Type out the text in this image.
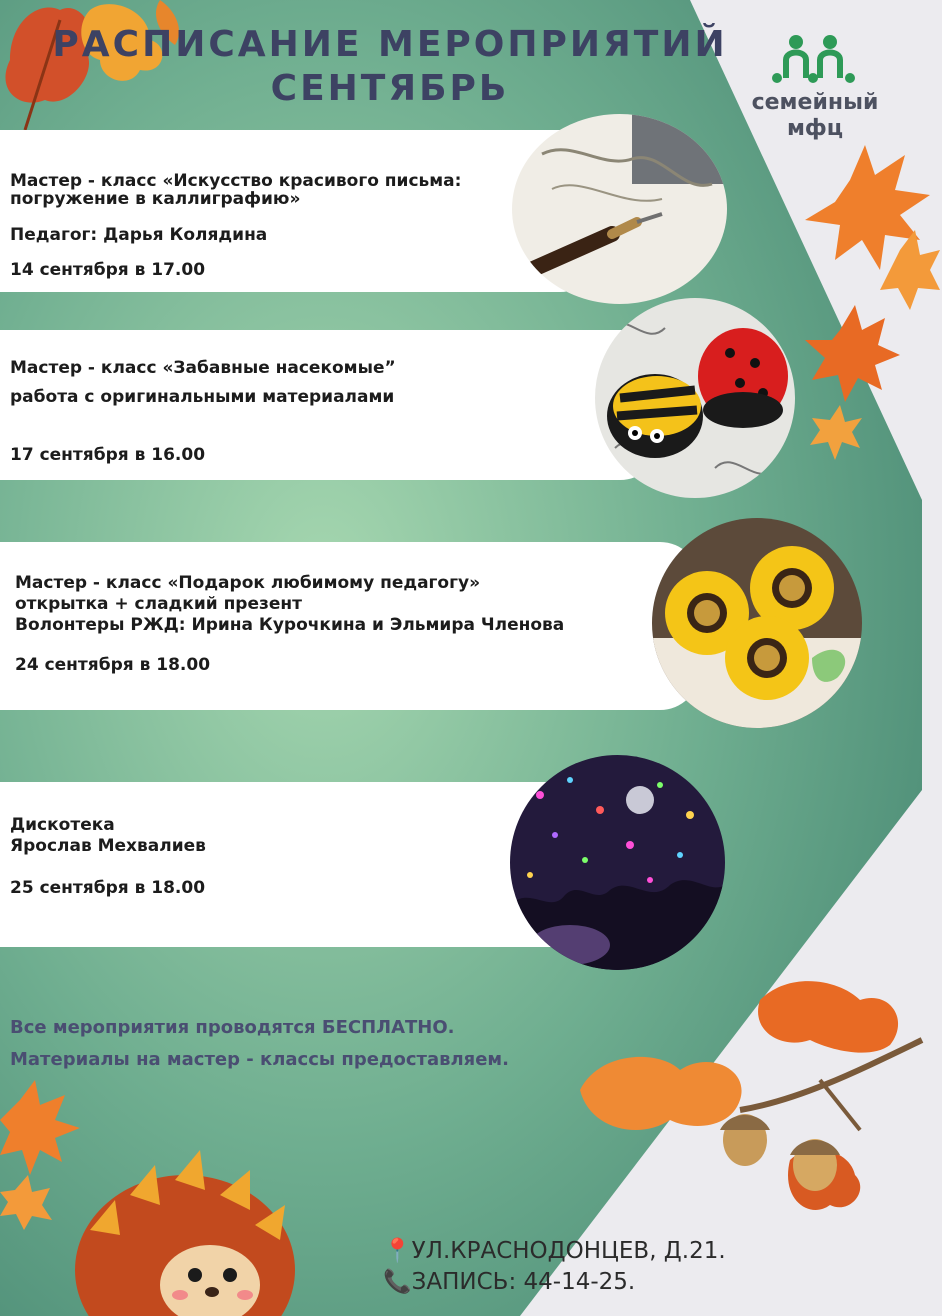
РАСПИСАНИЕ МЕРОПРИЯТИЙ
СЕНТЯБРЬ	семейный
мфц
Мастер - класс «Искусство красивого письма:
погружение в каллиграфию»
Педагог: Дарья Колядина
14 сентября в 17.00
Мастер - класс «Забавные насекомые”
работа с оригинальными материалами
17 сентября в 16.00
Мастер - класс «Подарок любимому педагогу»
открытка + сладкий презент
Волонтеры РЖД: Ирина Курочкина и Эльмира Членова
24 сентября в 18.00
Дискотека
Ярослав Мехвалиев
25 сентября в 18.00
Все мероприятия проводятся БЕСПЛАТНО.
Материалы на мастер - классы предоставляем.
📍УЛ.КРАСНОДОНЦЕВ, Д.21.
📞ЗАПИСЬ: 44-14-25.
